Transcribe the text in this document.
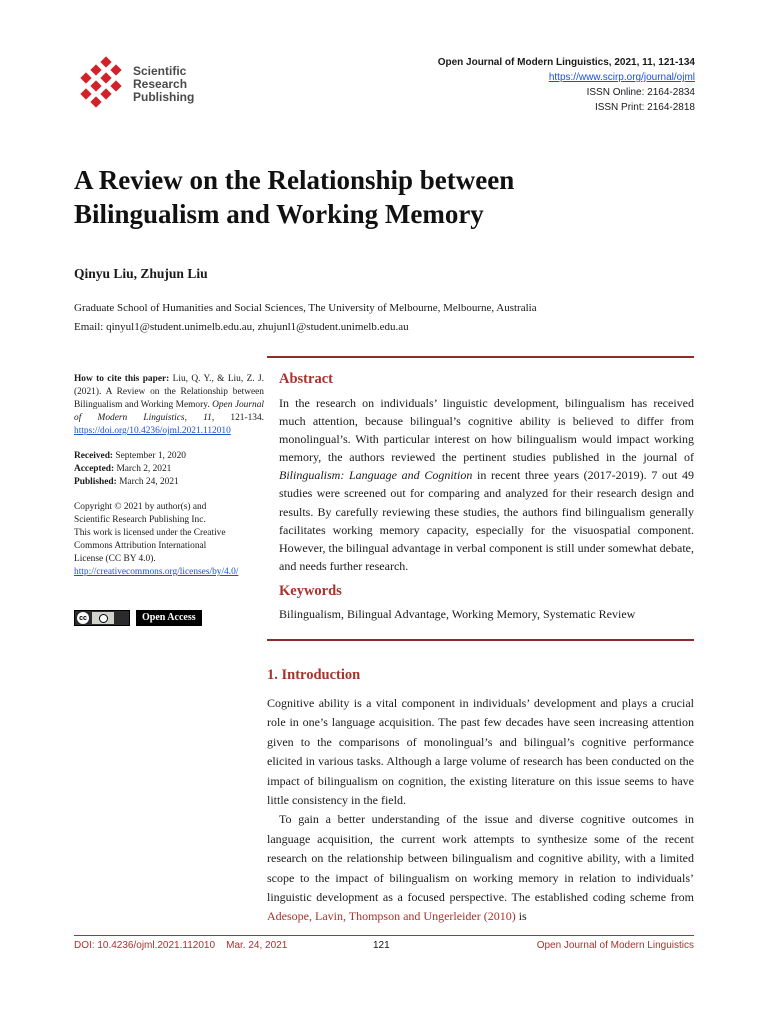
Scientific
Research
Publishing
Open Journal of Modern Linguistics, 2021, 11, 121-134
https://www.scirp.org/journal/ojml
ISSN Online: 2164-2834
ISSN Print: 2164-2818
A Review on the Relationship between
Bilingualism and Working Memory
Qinyu Liu, Zhujun Liu
Graduate School of Humanities and Social Sciences, The University of Melbourne, Melbourne, Australia
Email: qinyul1@student.unimelb.edu.au, zhujunl1@student.unimelb.edu.au
How to cite this paper: Liu, Q. Y., & Liu, Z. J. (2021). A Review on the Relationship between Bilingualism and Working Memory. Open Journal of Modern Linguistics, 11, 121-134. https://doi.org/10.4236/ojml.2021.112010
Received: September 1, 2020
Accepted: March 2, 2021
Published: March 24, 2021
Copyright © 2021 by author(s) and
Scientific Research Publishing Inc.
This work is licensed under the Creative
Commons Attribution International
License (CC BY 4.0).
http://creativecommons.org/licenses/by/4.0/
cc	Open Access
Abstract
In the research on individuals’ linguistic development, bilingualism has received much attention, because bilingual’s cognitive ability is believed to differ from monolingual’s. With particular interest on how bilingualism would impact working memory, the authors reviewed the pertinent studies published in the journal of Bilingualism: Language and Cognition in recent three years (2017-2019). 7 out 49 studies were screened out for comparing and analyzed for their research design and results. By carefully reviewing these studies, the authors find bilingualism generally facilitates working memory capacity, especially for the visuospatial component. However, the bilingual advantage in verbal component is still under somewhat debate, and needs further research.
Keywords
Bilingualism, Bilingual Advantage, Working Memory, Systematic Review
1. Introduction

Cognitive ability is a vital component in individuals’ development and plays a crucial role in one’s language acquisition. The past few decades have seen increasing attention given to the comparisons of monolingual’s and bilingual’s cognitive performance elicited in various tasks. Although a large volume of research has been conducted on the impact of bilingualism on cognition, the existing literature on this issue seems to have little consistency in the field.

To gain a better understanding of the issue and diverse cognitive outcomes in language acquisition, the current work attempts to synthesize some of the recent research on the relationship between bilingualism and cognitive ability, with a limited scope to the impact of bilingualism on working memory in relation to individuals’ linguistic development as a focused perspective. The established coding scheme from Adesope, Lavin, Thompson and Ungerleider (2010) is

DOI: 10.4236/ojml.2021.112010    Mar. 24, 2021	121	Open Journal of Modern Linguistics
